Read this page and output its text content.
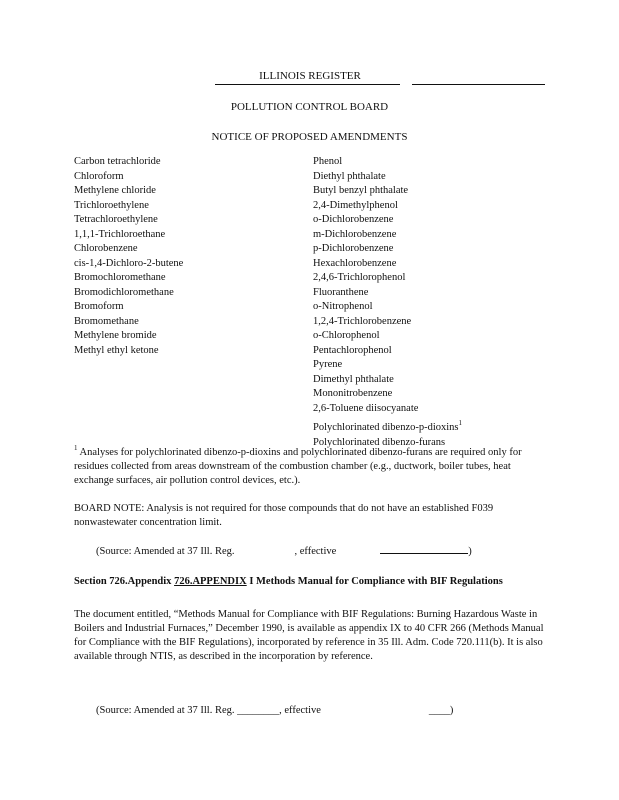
ILLINOIS REGISTER
POLLUTION CONTROL BOARD
NOTICE OF PROPOSED AMENDMENTS
Carbon tetrachloride
Chloroform
Methylene chloride
Trichloroethylene
Tetrachloroethylene
1,1,1-Trichloroethane
Chlorobenzene
cis-1,4-Dichloro-2-butene
Bromochloromethane
Bromodichloromethane
Bromoform
Bromomethane
Methylene bromide
Methyl ethyl ketone
Phenol
Diethyl phthalate
Butyl benzyl phthalate
2,4-Dimethylphenol
o-Dichlorobenzene
m-Dichlorobenzene
p-Dichlorobenzene
Hexachlorobenzene
2,4,6-Trichlorophenol
Fluoranthene
o-Nitrophenol
1,2,4-Trichlorobenzene
o-Chlorophenol
Pentachlorophenol
Pyrene
Dimethyl phthalate
Mononitrobenzene
2,6-Toluene diisocyanate
Polychlorinated dibenzo-p-dioxins$^1$
Polychlorinated dibenzo-furans
$^1$ Analyses for polychlorinated dibenzo-p-dioxins and polychlorinated dibenzo-furans are required only for residues collected from areas downstream of the combustion chamber (e.g., ductwork, boiler tubes, heat exchange surfaces, air pollution control devices, etc.).
BOARD NOTE: Analysis is not required for those compounds that do not have an established F039 nonwastewater concentration limit.
(Source: Amended at 37 Ill. Reg.	, effective	)
Section 726.Appendix 726.APPENDIX I Methods Manual for Compliance with BIF Regulations
The document entitled, “Methods Manual for Compliance with BIF Regulations: Burning Hazardous Waste in Boilers and Industrial Furnaces,” December 1990, is available as appendix IX to 40 CFR 266 (Methods Manual for Compliance with the BIF Regulations), incorporated by reference in 35 Ill. Adm. Code 720.111(b). It is also available through NTIS, as described in the incorporation by reference.
(Source: Amended at 37 Ill. Reg. ________, effective	____)
